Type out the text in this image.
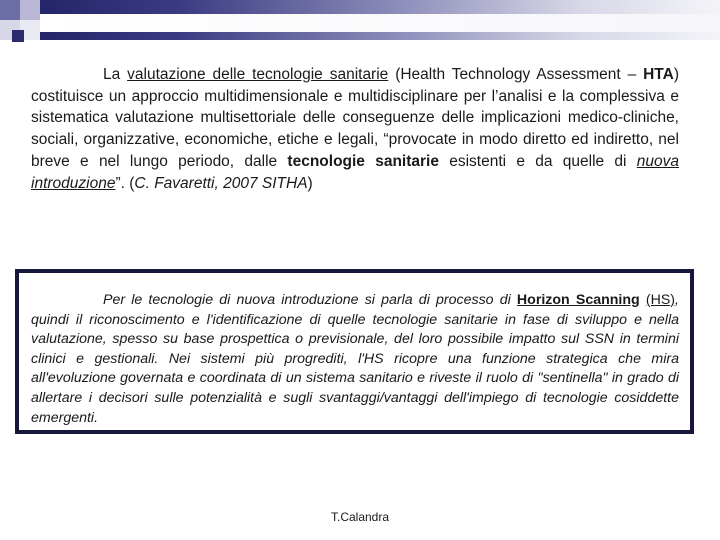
La valutazione delle tecnologie sanitarie (Health Technology Assessment – HTA) costituisce un approccio multidimensionale e multidisciplinare per l’analisi e la complessiva e sistematica valutazione multisettoriale delle conseguenze delle implicazioni medico-cliniche, sociali, organizzative, economiche, etiche e legali, “provocate in modo diretto ed indiretto, nel breve e nel lungo periodo, dalle tecnologie sanitarie esistenti e da quelle di nuova introduzione”. (C. Favaretti, 2007 SITHA)
Per le tecnologie di nuova introduzione si parla di processo di Horizon Scanning (HS), quindi il riconoscimento e l'identificazione di quelle tecnologie sanitarie in fase di sviluppo e nella valutazione, spesso su base prospettica o previsionale, del loro possibile impatto sul SSN in termini clinici e gestionali. Nei sistemi più progrediti, l'HS ricopre una funzione strategica che mira all'evoluzione governata e coordinata di un sistema sanitario e riveste il ruolo di "sentinella" in grado di allertare i decisori sulle potenzialità e sugli svantaggi/vantaggi dell'impiego di tecnologie cosiddette emergenti.
T.Calandra
